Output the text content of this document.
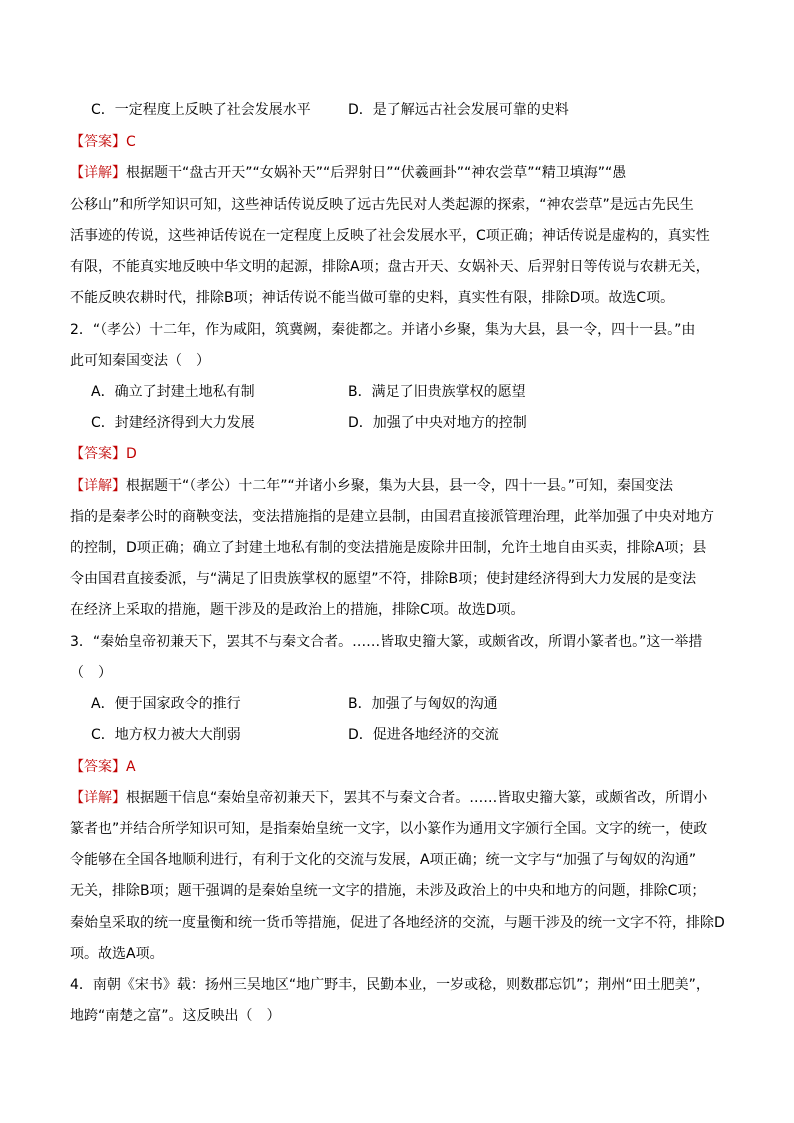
C．一定程度上反映了社会发展水平	D．是了解远古社会发展可靠的史料
【答案】C
【详解】根据题干“盘古开天”“女娲补天”“后羿射日”“伏羲画卦”“神农尝草”“精卫填海”“愚
公移山”和所学知识可知，这些神话传说反映了远古先民对人类起源的探索，“神农尝草”是远古先民生
活事迹的传说，这些神话传说在一定程度上反映了社会发展水平，C项正确；神话传说是虚构的，真实性
有限，不能真实地反映中华文明的起源，排除A项；盘古开天、女娲补天、后羿射日等传说与农耕无关，
不能反映农耕时代，排除B项；神话传说不能当做可靠的史料，真实性有限，排除D项。故选C项。
2．“（孝公）十二年，作为咸阳，筑冀阙，秦徙都之。并诸小乡聚，集为大县，县一令，四十一县。”由
此可知秦国变法（　）
A．确立了封建土地私有制	B．满足了旧贵族掌权的愿望
C．封建经济得到大力发展	D．加强了中央对地方的控制
【答案】D
【详解】根据题干“（孝公）十二年”“并诸小乡聚，集为大县，县一令，四十一县。”可知，秦国变法
指的是秦孝公时的商鞅变法，变法措施指的是建立县制，由国君直接派管理治理，此举加强了中央对地方
的控制，D项正确；确立了封建土地私有制的变法措施是废除井田制，允许土地自由买卖，排除A项；县
令由国君直接委派，与“满足了旧贵族掌权的愿望”不符，排除B项；使封建经济得到大力发展的是变法
在经济上采取的措施，题干涉及的是政治上的措施，排除C项。故选D项。
3．“秦始皇帝初兼天下，罢其不与秦文合者。……皆取史籀大篆，或颇省改，所谓小篆者也。”这一举措
（　）
A．便于国家政令的推行	B．加强了与匈奴的沟通
C．地方权力被大大削弱	D．促进各地经济的交流
【答案】A
【详解】根据题干信息“秦始皇帝初兼天下，罢其不与秦文合者。……皆取史籀大篆，或颇省改，所谓小
篆者也”并结合所学知识可知，是指秦始皇统一文字，以小篆作为通用文字颁行全国。文字的统一，使政
令能够在全国各地顺利进行，有利于文化的交流与发展，A项正确；统一文字与“加强了与匈奴的沟通”
无关，排除B项；题干强调的是秦始皇统一文字的措施，未涉及政治上的中央和地方的问题，排除C项；
秦始皇采取的统一度量衡和统一货币等措施，促进了各地经济的交流，与题干涉及的统一文字不符，排除D
项。故选A项。
4．南朝《宋书》载：扬州三吴地区“地广野丰，民勤本业，一岁或稔，则数郡忘饥”；荆州“田土肥美”，
地跨“南楚之富”。这反映出（　）
